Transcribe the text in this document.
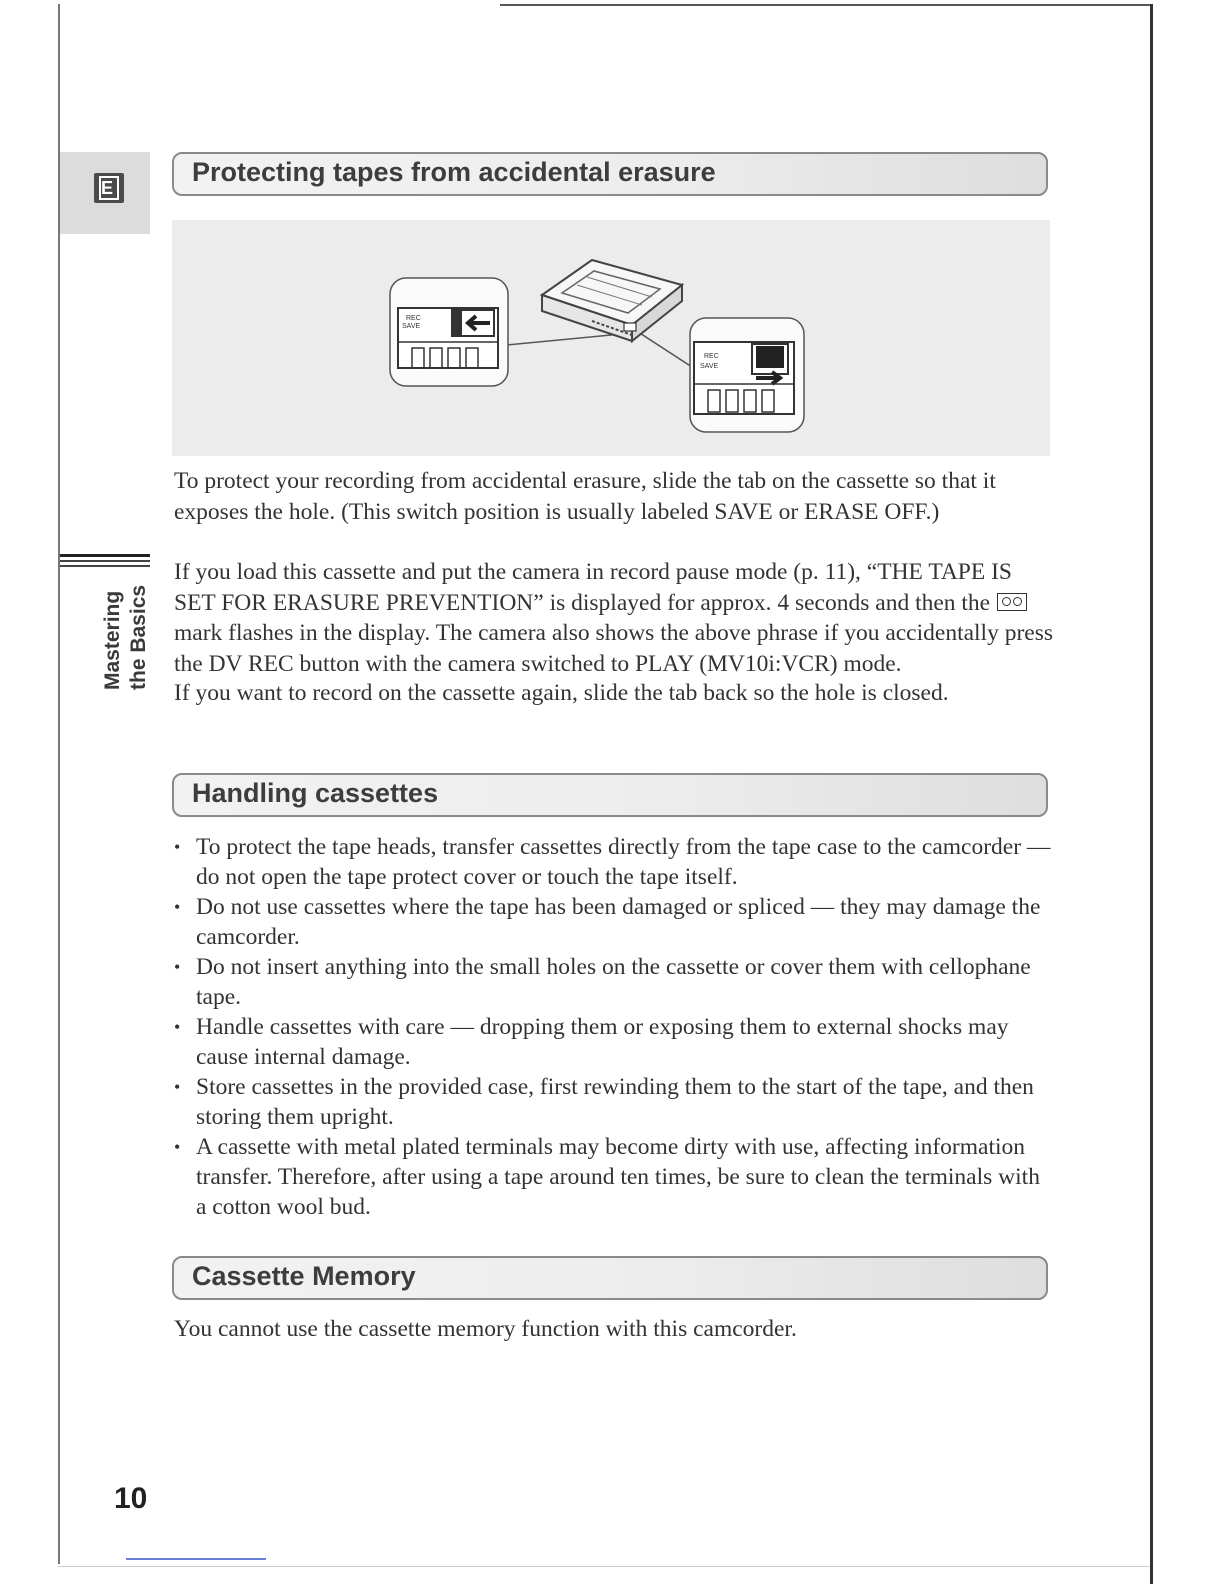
E
Mastering the Basics
Protecting tapes from accidental erasure
REC
SAVE
REC
SAVE

To protect your recording from accidental erasure, slide the tab on the cassette so that it exposes the hole. (This switch position is usually labeled SAVE or ERASE OFF.)

If you load this cassette and put the camera in record pause mode (p. 11), “THE TAPE IS SET FOR ERASURE PREVENTION” is displayed for approx. 4 seconds and then the  mark flashes in the display. The camera also shows the above phrase if you accidentally press the DV REC button with the camera switched to PLAY (MV10i:VCR) mode.

If you want to record on the cassette again, slide the tab back so the hole is closed.

Handling cassettes
• To protect the tape heads, transfer cassettes directly from the tape case to the camcorder — do not open the tape protect cover or touch the tape itself.
• Do not use cassettes where the tape has been damaged or spliced — they may damage the camcorder.
• Do not insert anything into the small holes on the cassette or cover them with cellophane tape.
• Handle cassettes with care — dropping them or exposing them to external shocks may cause internal damage.
• Store cassettes in the provided case, first rewinding them to the start of the tape, and then storing them upright.
• A cassette with metal plated terminals may become dirty with use, affecting information transfer. Therefore, after using a tape around ten times, be sure to clean the terminals with a cotton wool bud.
Cassette Memory

You cannot use the cassette memory function with this camcorder.

10
